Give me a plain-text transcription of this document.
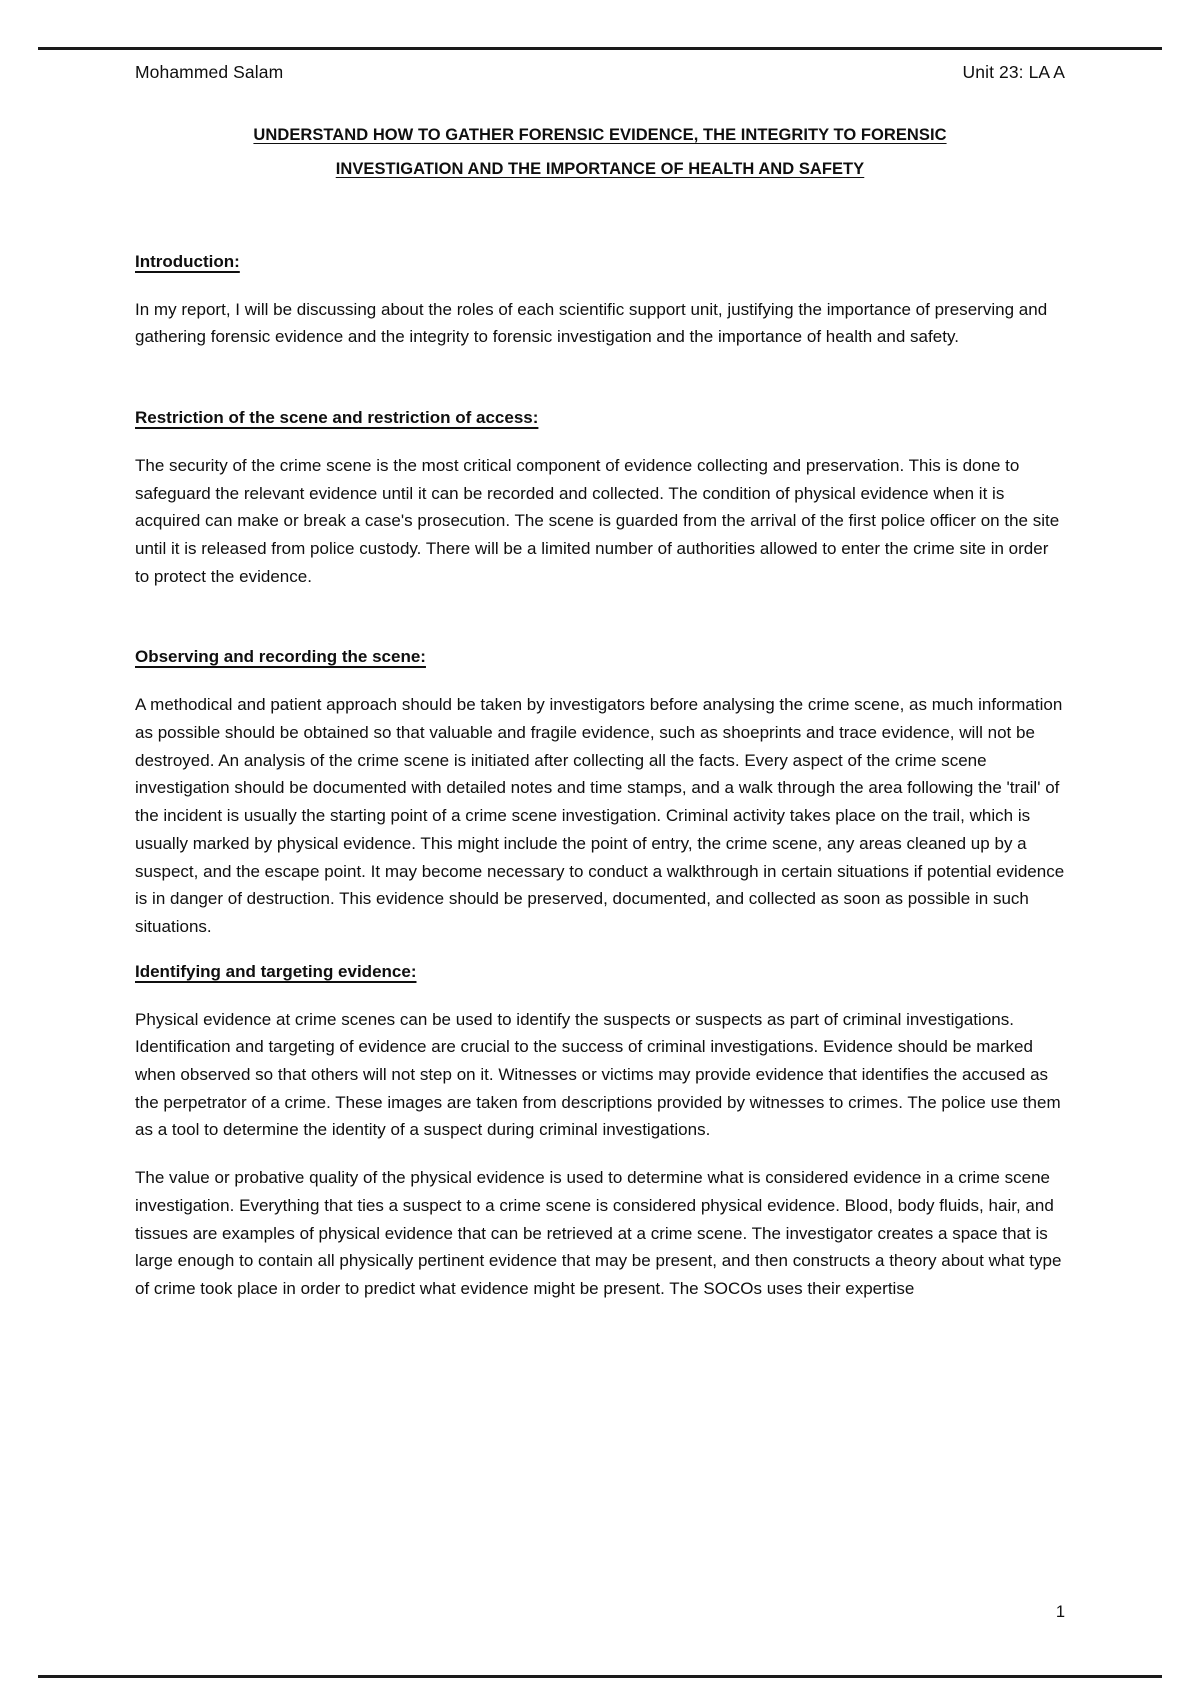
Mohammed Salam	Unit 23: LA A
UNDERSTAND HOW TO GATHER FORENSIC EVIDENCE, THE INTEGRITY TO FORENSIC
INVESTIGATION AND THE IMPORTANCE OF HEALTH AND SAFETY
Introduction:

In my report, I will be discussing about the roles of each scientific support unit, justifying the importance of preserving and gathering forensic evidence and the integrity to forensic investigation and the importance of health and safety.

Restriction of the scene and restriction of access:

The security of the crime scene is the most critical component of evidence collecting and preservation. This is done to safeguard the relevant evidence until it can be recorded and collected. The condition of physical evidence when it is acquired can make or break a case's prosecution. The scene is guarded from the arrival of the first police officer on the site until it is released from police custody. There will be a limited number of authorities allowed to enter the crime site in order to protect the evidence.

Observing and recording the scene:

A methodical and patient approach should be taken by investigators before analysing the crime scene, as much information as possible should be obtained so that valuable and fragile evidence, such as shoeprints and trace evidence, will not be destroyed. An analysis of the crime scene is initiated after collecting all the facts. Every aspect of the crime scene investigation should be documented with detailed notes and time stamps, and a walk through the area following the 'trail' of the incident is usually the starting point of a crime scene investigation. Criminal activity takes place on the trail, which is usually marked by physical evidence. This might include the point of entry, the crime scene, any areas cleaned up by a suspect, and the escape point. It may become necessary to conduct a walkthrough in certain situations if potential evidence is in danger of destruction. This evidence should be preserved, documented, and collected as soon as possible in such situations.

Identifying and targeting evidence:

Physical evidence at crime scenes can be used to identify the suspects or suspects as part of criminal investigations. Identification and targeting of evidence are crucial to the success of criminal investigations. Evidence should be marked when observed so that others will not step on it. Witnesses or victims may provide evidence that identifies the accused as the perpetrator of a crime. These images are taken from descriptions provided by witnesses to crimes. The police use them as a tool to determine the identity of a suspect during criminal investigations.

The value or probative quality of the physical evidence is used to determine what is considered evidence in a crime scene investigation. Everything that ties a suspect to a crime scene is considered physical evidence. Blood, body fluids, hair, and tissues are examples of physical evidence that can be retrieved at a crime scene. The investigator creates a space that is large enough to contain all physically pertinent evidence that may be present, and then constructs a theory about what type of crime took place in order to predict what evidence might be present. The SOCOs uses their expertise

1
